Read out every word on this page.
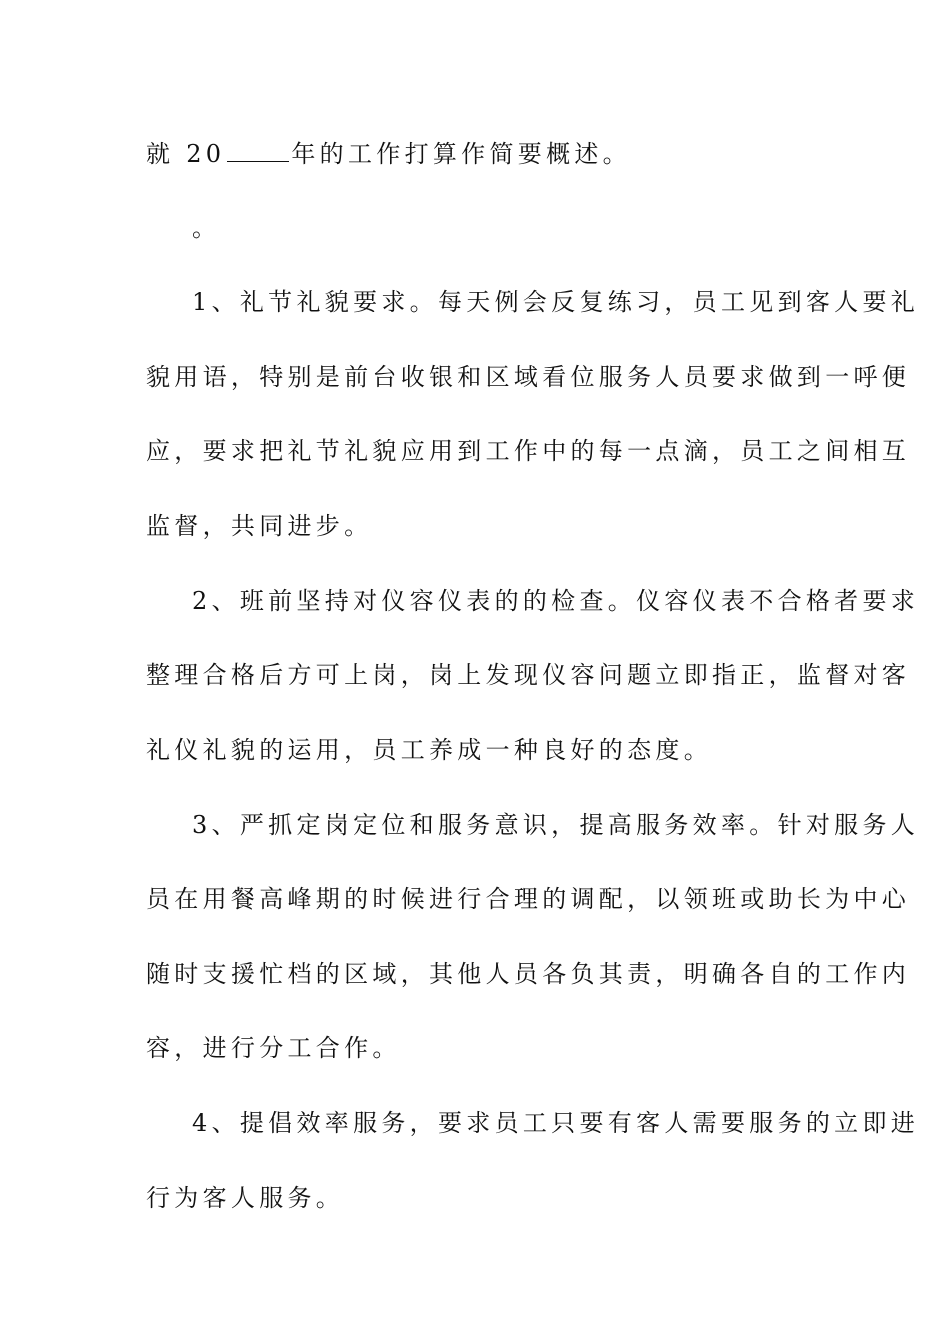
就 20	年的工作打算作简要概述。
。
1、礼节礼貌要求。每天例会反复练习，员工见到客人要礼
貌用语，特别是前台收银和区域看位服务人员要求做到一呼便
应，要求把礼节礼貌应用到工作中的每一点滴，员工之间相互
监督，共同进步。
2、班前坚持对仪容仪表的的检查。仪容仪表不合格者要求
整理合格后方可上岗，岗上发现仪容问题立即指正，监督对客
礼仪礼貌的运用，员工养成一种良好的态度。
3、严抓定岗定位和服务意识，提高服务效率。针对服务人
员在用餐高峰期的时候进行合理的调配，以领班或助长为中心
随时支援忙档的区域，其他人员各负其责，明确各自的工作内
容，进行分工合作。
4、提倡效率服务，要求员工只要有客人需要服务的立即进
行为客人服务。
